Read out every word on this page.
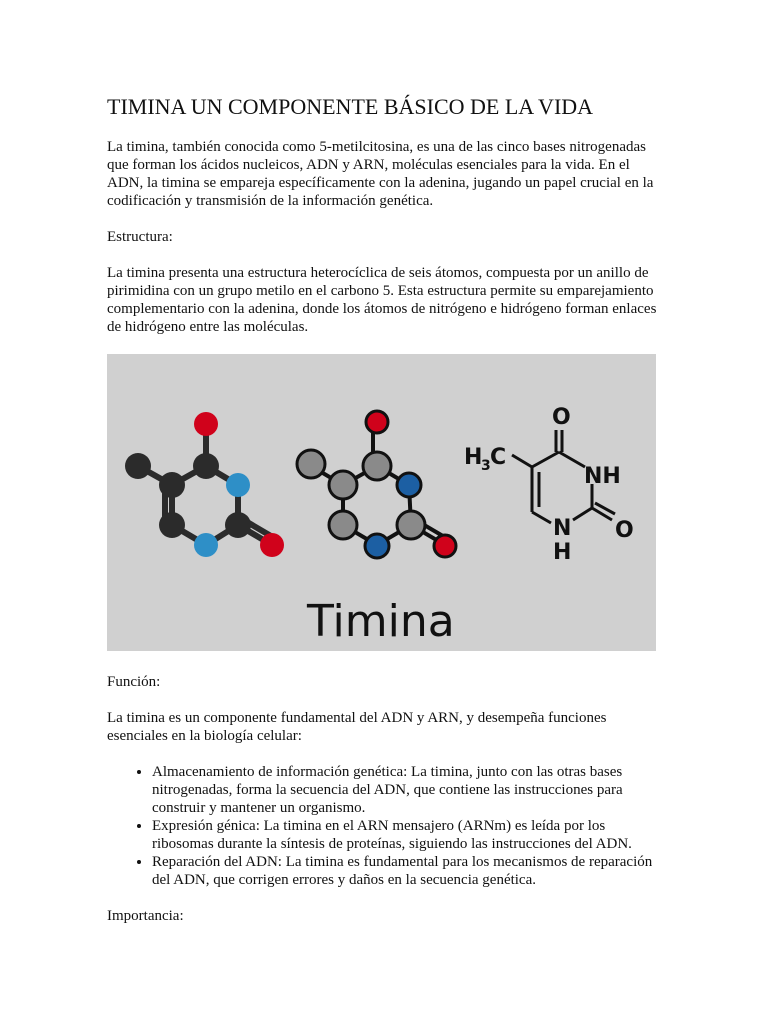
TIMINA UN COMPONENTE BÁSICO DE LA VIDA

La timina, también conocida como 5-metilcitosina, es una de las cinco bases nitrogenadas que forman los ácidos nucleicos, ADN y ARN, moléculas esenciales para la vida. En el ADN, la timina se empareja específicamente con la adenina, jugando un papel crucial en la codificación y transmisión de la información genética.

Estructura:

La timina presenta una estructura heterocíclica de seis átomos, compuesta por un anillo de pirimidina con un grupo metilo en el carbono 5. Esta estructura permite su emparejamiento complementario con la adenina, donde los átomos de nitrógeno e hidrógeno forman enlaces de hidrógeno entre las moléculas.

O
NH
N
H
O
H
3 C
Timina

Función:

La timina es un componente fundamental del ADN y ARN, y desempeña funciones esenciales en la biología celular:

• Almacenamiento de información genética: La timina, junto con las otras bases nitrogenadas, forma la secuencia del ADN, que contiene las instrucciones para construir y mantener un organismo.
• Expresión génica: La timina en el ARN mensajero (ARNm) es leída por los ribosomas durante la síntesis de proteínas, siguiendo las instrucciones del ADN.
• Reparación del ADN: La timina es fundamental para los mecanismos de reparación del ADN, que corrigen errores y daños en la secuencia genética.

Importancia:
